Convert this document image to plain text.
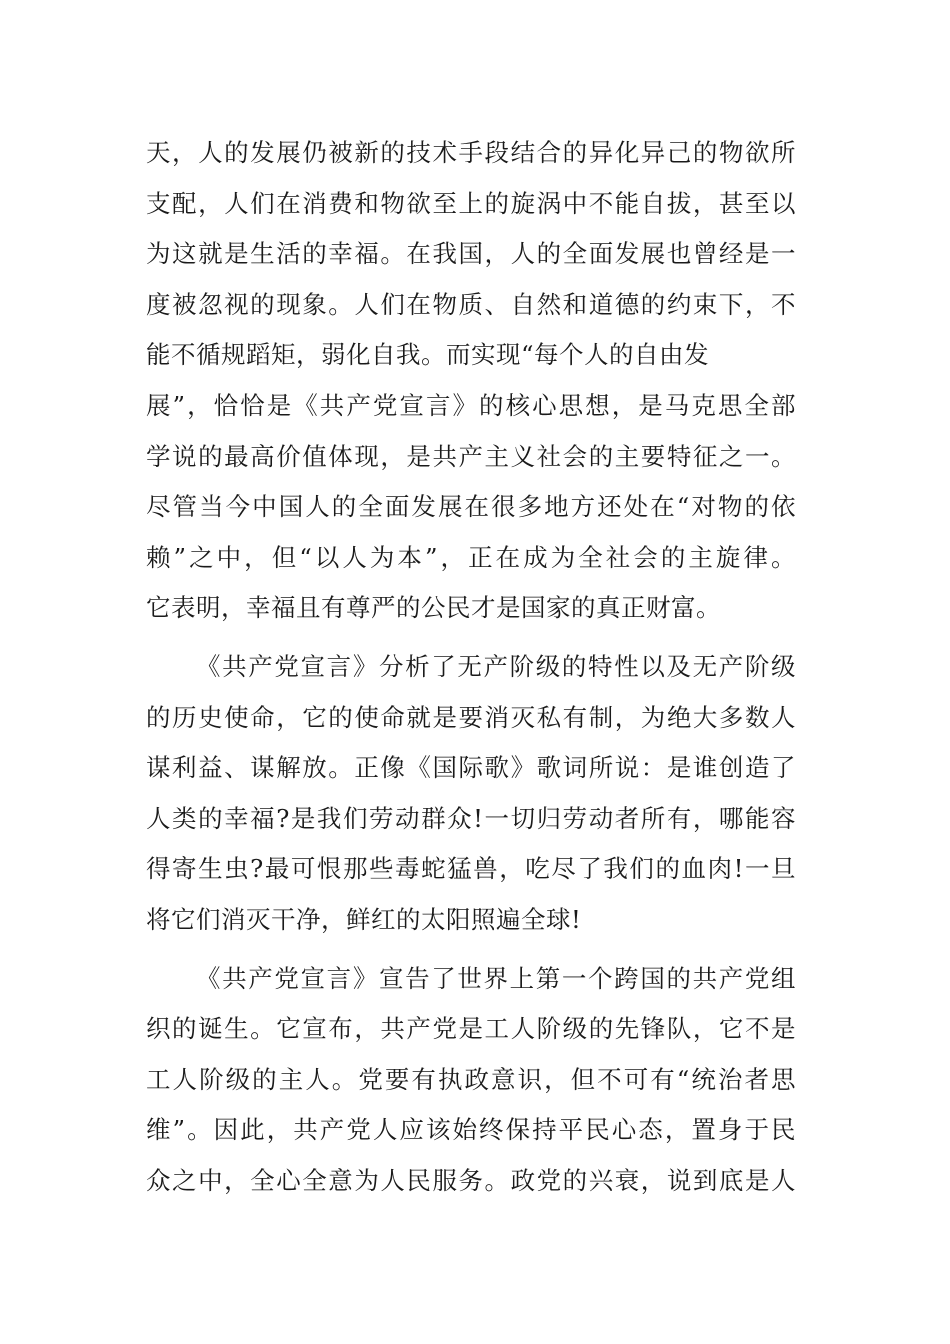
天，人的发展仍被新的技术手段结合的异化异己的物欲所
支配，人们在消费和物欲至上的旋涡中不能自拔，甚至以
为这就是生活的幸福。在我国，人的全面发展也曾经是一
度被忽视的现象。人们在物质、自然和道德的约束下，不
能不循规蹈矩，弱化自我。而实现“每个人的自由发
展”，恰恰是《共产党宣言》的核心思想，是马克思全部
学说的最高价值体现，是共产主义社会的主要特征之一。
尽管当今中国人的全面发展在很多地方还处在“对物的依
赖”之中，但“以人为本”，正在成为全社会的主旋律。
它表明，幸福且有尊严的公民才是国家的真正财富。
《共产党宣言》分析了无产阶级的特性以及无产阶级
的历史使命，它的使命就是要消灭私有制，为绝大多数人
谋利益、谋解放。正像《国际歌》歌词所说：是谁创造了
人类的幸福?是我们劳动群众!一切归劳动者所有，哪能容
得寄生虫?最可恨那些毒蛇猛兽，吃尽了我们的血肉!一旦
将它们消灭干净，鲜红的太阳照遍全球!
《共产党宣言》宣告了世界上第一个跨国的共产党组
织的诞生。它宣布，共产党是工人阶级的先锋队，它不是
工人阶级的主人。党要有执政意识，但不可有“统治者思
维”。因此，共产党人应该始终保持平民心态，置身于民
众之中，全心全意为人民服务。政党的兴衰，说到底是人
